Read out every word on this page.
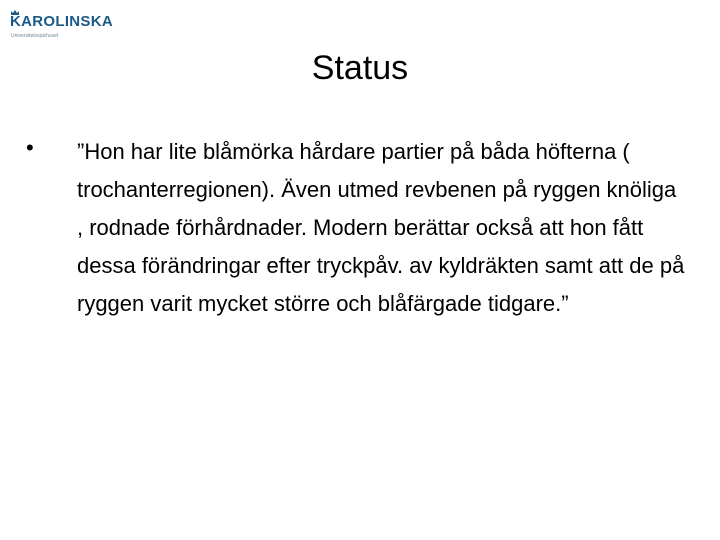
KAROLINSKA
Universitetssjukhuset
Status
• ”Hon har lite blåmörka hårdare partier på båda höfterna ( trochanterregionen). Även utmed revbenen på ryggen knöliga , rodnade förhårdnader. Modern berättar också att hon fått dessa förändringar efter tryckpåv. av kyldräkten samt att de på ryggen varit mycket större och blåfärgade tidgare.”
